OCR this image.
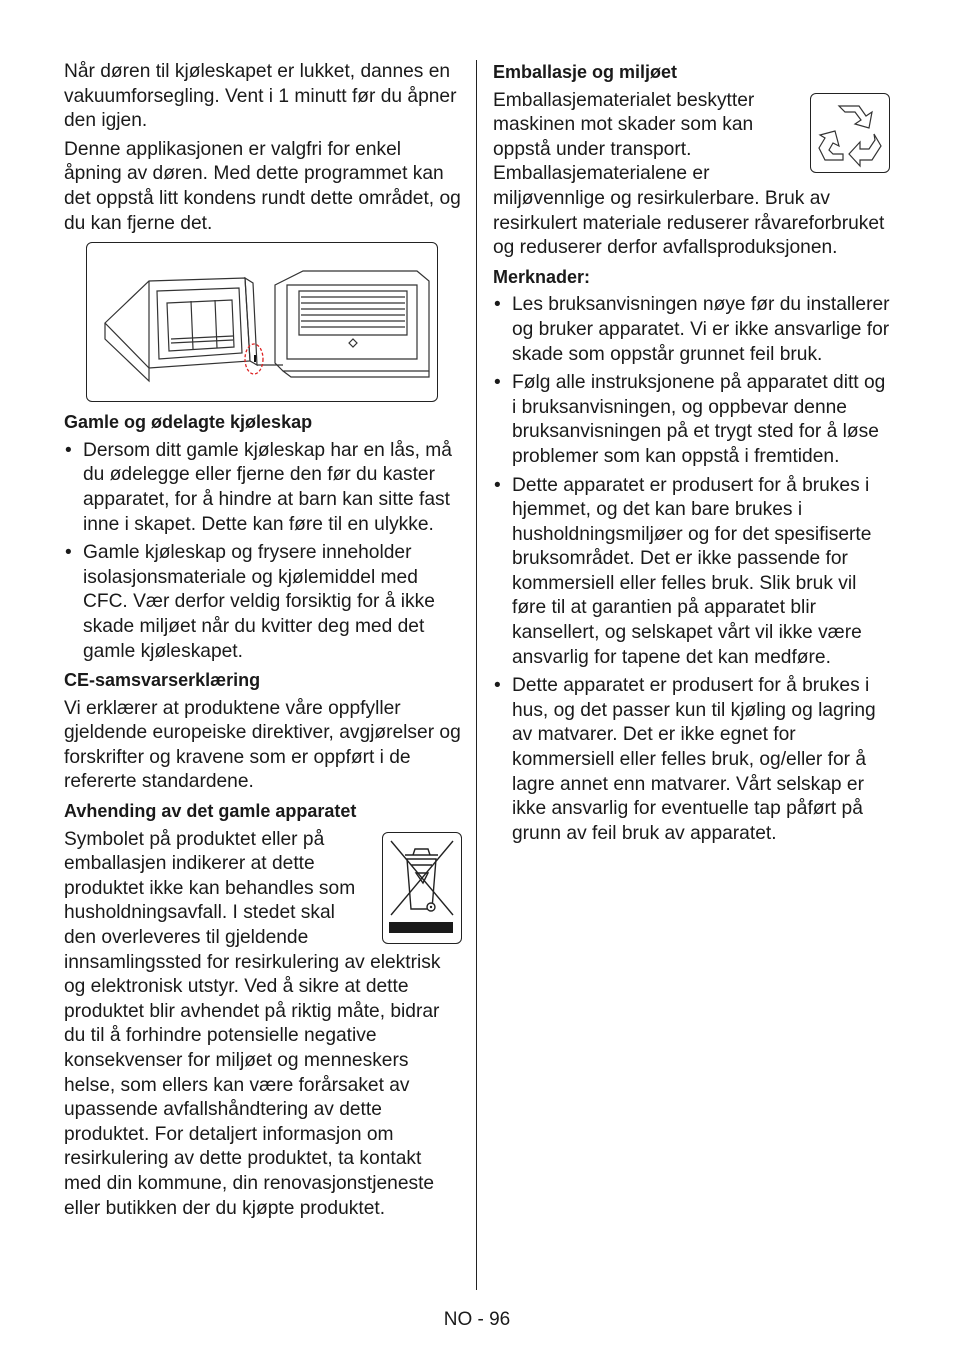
Når døren til kjøleskapet er lukket, dannes en vakuumforsegling. Vent i 1 minutt før du åpner den igjen.

Denne applikasjonen er valgfri for enkel åpning av døren. Med dette programmet kan det oppstå litt kondens rundt dette området, og du kan fjerne det.

Gamle og ødelagte kjøleskap
• Dersom ditt gamle kjøleskap har en lås, må du ødelegge eller fjerne den før du kaster apparatet, for å hindre at barn kan sitte fast inne i skapet. Dette kan føre til en ulykke.
• Gamle kjøleskap og frysere inneholder isolasjonsmateriale og kjølemiddel med CFC. Vær derfor veldig forsiktig for å ikke skade miljøet når du kvitter deg med det gamle kjøleskapet.
CE-samsvarserklæring

Vi erklærer at produktene våre oppfyller gjeldende europeiske direktiver, avgjørelser og forskrifter og kravene som er oppført i de refererte standardene.

Avhending av det gamle apparatet

Symbolet på produktet eller på emballasjen indikerer at dette produktet ikke kan behandles som husholdningsavfall. I stedet skal den overleveres til gjeldende innsamlingssted for resirkulering av elektrisk og elektronisk utstyr. Ved å sikre at dette produktet blir avhendet på riktig måte, bidrar du til å forhindre potensielle negative konsekvenser for miljøet og menneskers helse, som ellers kan være forårsaket av upassende avfallshåndtering av dette produktet. For detaljert informasjon om resirkulering av dette produktet, ta kontakt med din kommune, din renovasjonstjeneste eller butikken der du kjøpte produktet.

Emballasje og miljøet

Emballasjematerialet beskytter maskinen mot skader som kan oppstå under transport. Emballasjematerialene er miljøvennlige og resirkulerbare. Bruk av resirkulert materiale reduserer råvareforbruket og reduserer derfor avfallsproduksjonen.

Merknader:
• Les bruksanvisningen nøye før du installerer og bruker apparatet. Vi er ikke ansvarlige for skade som oppstår grunnet feil bruk.
• Følg alle instruksjonene på apparatet ditt og i bruksanvisningen, og oppbevar denne bruksanvisningen på et trygt sted for å løse problemer som kan oppstå i fremtiden.
• Dette apparatet er produsert for å brukes i hjemmet, og det kan bare brukes i husholdningsmiljøer og for det spesifiserte bruksområdet. Det er ikke passende for kommersiell eller felles bruk. Slik bruk vil føre til at garantien på apparatet blir kansellert, og selskapet vårt vil ikke være ansvarlig for tapene det kan medføre.
• Dette apparatet er produsert for å brukes i hus, og det passer kun til kjøling og lagring av matvarer. Det er ikke egnet for kommersiell eller felles bruk, og/eller for å lagre annet enn matvarer. Vårt selskap er ikke ansvarlig for eventuelle tap påført på grunn av feil bruk av apparatet.
NO - 96
